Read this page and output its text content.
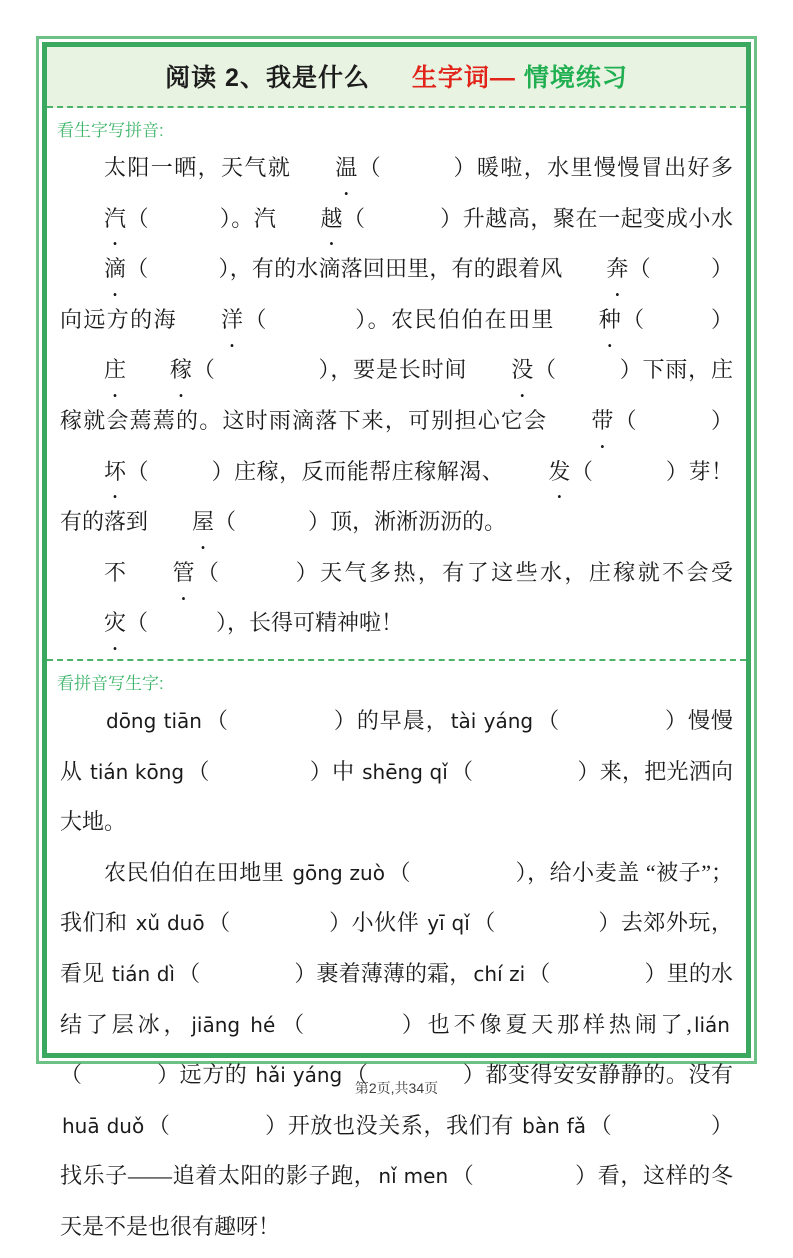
阅读 2、我是什么 生字词— 情境练习
看生字写拼音:

太阳一晒，天气就 温（	）暖啦，水里慢慢冒出好多汽（	）。汽 越（	）升越高，聚在一起变成小水滴（	），有的水滴落回田里，有的跟着风 奔（	）向远方的海 洋（	）。农民伯伯在田里 种（	）庄 稼（	），要是长时间 没（	）下雨，庄稼就会蔫蔫的。这时雨滴落下来，可别担心它会 带（	）坏（	）庄稼，反而能帮庄稼解渴、 发（	）芽！有的落到 屋（	）顶，淅淅沥沥的。

不 管（	）天气多热，有了这些水，庄稼就不会受灾（	），长得可精神啦！

看拼音写生字:

dōng tiān （	）的早晨， tài yáng （	）慢慢从 tián kōng （	）中 shēng qǐ （	）来，把光洒向大地。

农民伯伯在田地里 gōng zuò （	），给小麦盖 “被子”；我们和 xǔ duō （	）小伙伴 yī qǐ （	）去郊外玩，看见 tián dì （	）裹着薄薄的霜， chí zi （	）里的水结了层冰， jiāng hé （	）也不像夏天那样热闹了, lián（	）远方的 hǎi yáng （	）都变得安安静静的。没有 huā duǒ （	）开放也没关系，我们有 bàn fǎ （	）找乐子——追着太阳的影子跑， nǐ men （	）看，这样的冬天是不是也很有趣呀！

第2页,共34页
